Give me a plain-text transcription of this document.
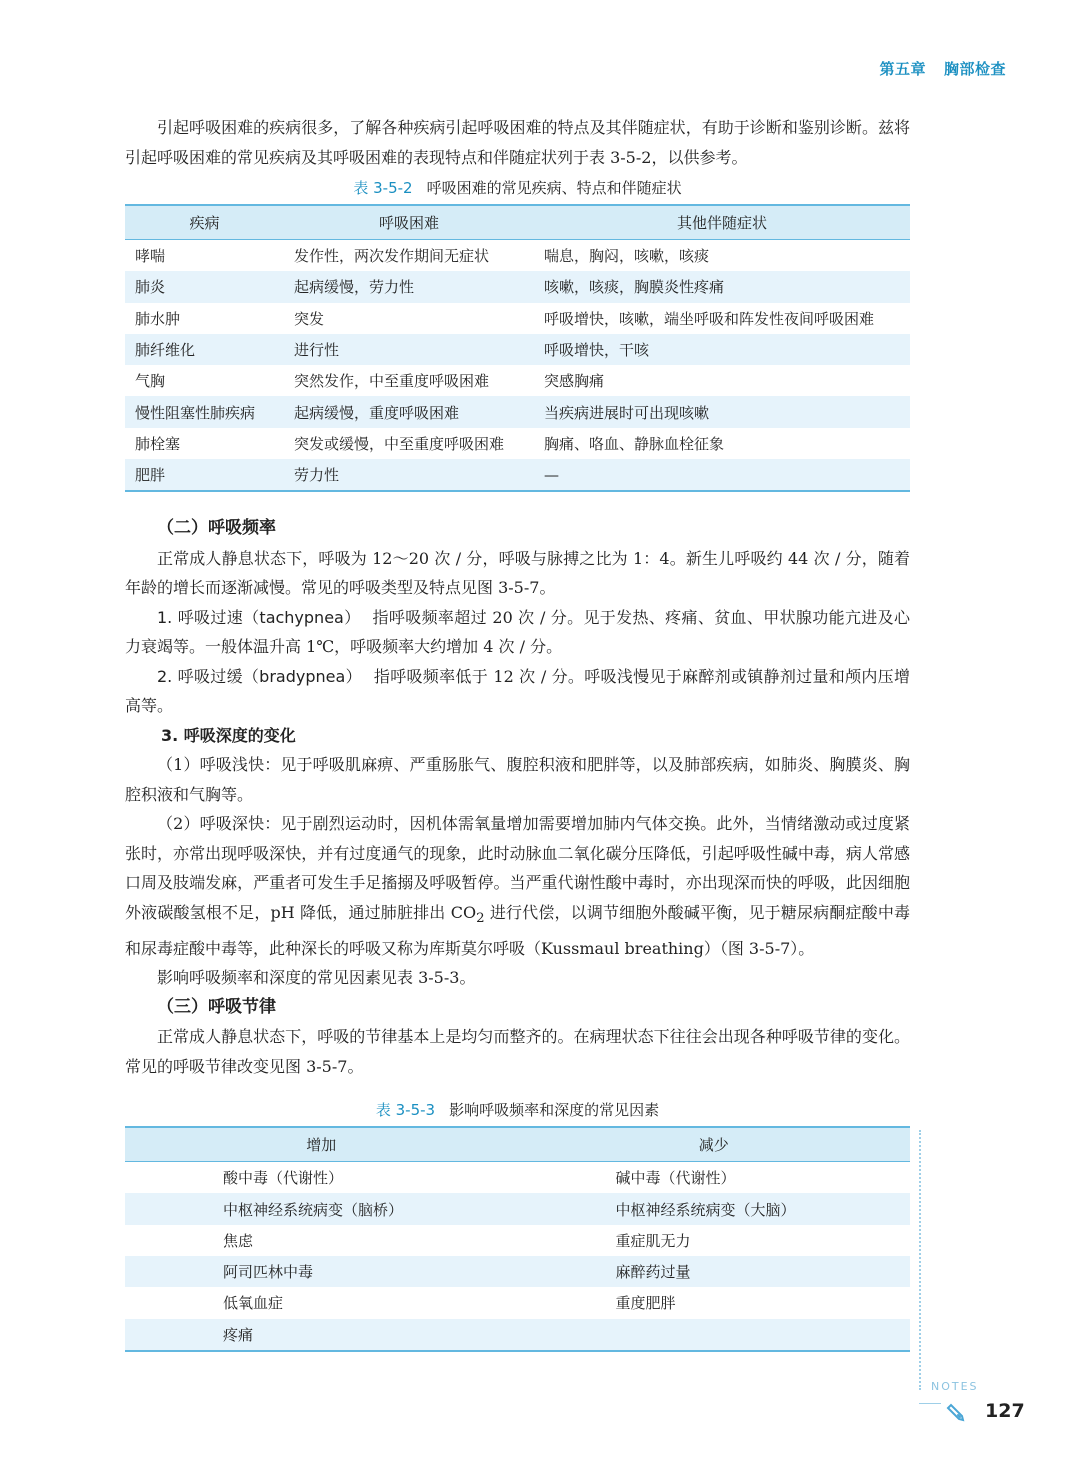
第五章 胸部检查

引起呼吸困难的疾病很多，了解各种疾病引起呼吸困难的特点及其伴随症状，有助于诊断和鉴别诊断。兹将引起呼吸困难的常见疾病及其呼吸困难的表现特点和伴随症状列于表 3-5-2，以供参考。

表 3-5-2 呼吸困难的常见疾病、特点和伴随症状
疾病	呼吸困难	其他伴随症状
哮喘	发作性，两次发作期间无症状	喘息，胸闷，咳嗽，咳痰
肺炎	起病缓慢，劳力性	咳嗽，咳痰，胸膜炎性疼痛
肺水肿	突发	呼吸增快，咳嗽，端坐呼吸和阵发性夜间呼吸困难
肺纤维化	进行性	呼吸增快，干咳
气胸	突然发作，中至重度呼吸困难	突感胸痛
慢性阻塞性肺疾病	起病缓慢，重度呼吸困难	当疾病进展时可出现咳嗽
肺栓塞	突发或缓慢，中至重度呼吸困难	胸痛、咯血、静脉血栓征象
肥胖	劳力性	—
（二）呼吸频率

正常成人静息状态下，呼吸为 12～20 次 / 分，呼吸与脉搏之比为 1：4。新生儿呼吸约 44 次 / 分，随着年龄的增长而逐渐减慢。常见的呼吸类型及特点见图 3-5-7。

1. 呼吸过速（tachypnea） 指呼吸频率超过 20 次 / 分。见于发热、疼痛、贫血、甲状腺功能亢进及心力衰竭等。一般体温升高 1℃，呼吸频率大约增加 4 次 / 分。

2. 呼吸过缓（bradypnea） 指呼吸频率低于 12 次 / 分。呼吸浅慢见于麻醉剂或镇静剂过量和颅内压增高等。

3. 呼吸深度的变化

（1）呼吸浅快：见于呼吸肌麻痹、严重肠胀气、腹腔积液和肥胖等，以及肺部疾病，如肺炎、胸膜炎、胸腔积液和气胸等。

（2）呼吸深快：见于剧烈运动时，因机体需氧量增加需要增加肺内气体交换。此外，当情绪激动或过度紧张时，亦常出现呼吸深快，并有过度通气的现象，此时动脉血二氧化碳分压降低，引起呼吸性碱中毒，病人常感口周及肢端发麻，严重者可发生手足搐搦及呼吸暂停。当严重代谢性酸中毒时，亦出现深而快的呼吸，此因细胞外液碳酸氢根不足，pH 降低，通过肺脏排出 $CO_2$ 进行代偿，以调节细胞外酸碱平衡，见于糖尿病酮症酸中毒和尿毒症酸中毒等，此种深长的呼吸又称为库斯莫尔呼吸（Kussmaul breathing）（图 3-5-7）。

影响呼吸频率和深度的常见因素见表 3-5-3。

（三）呼吸节律

正常成人静息状态下，呼吸的节律基本上是均匀而整齐的。在病理状态下往往会出现各种呼吸节律的变化。常见的呼吸节律改变见图 3-5-7。

表 3-5-3 影响呼吸频率和深度的常见因素
增加	减少
酸中毒（代谢性）	碱中毒（代谢性）
中枢神经系统病变（脑桥）	中枢神经系统病变（大脑）
焦虑	重症肌无力
阿司匹林中毒	麻醉药过量
低氧血症	重度肥胖
疼痛	
NOTES
127
